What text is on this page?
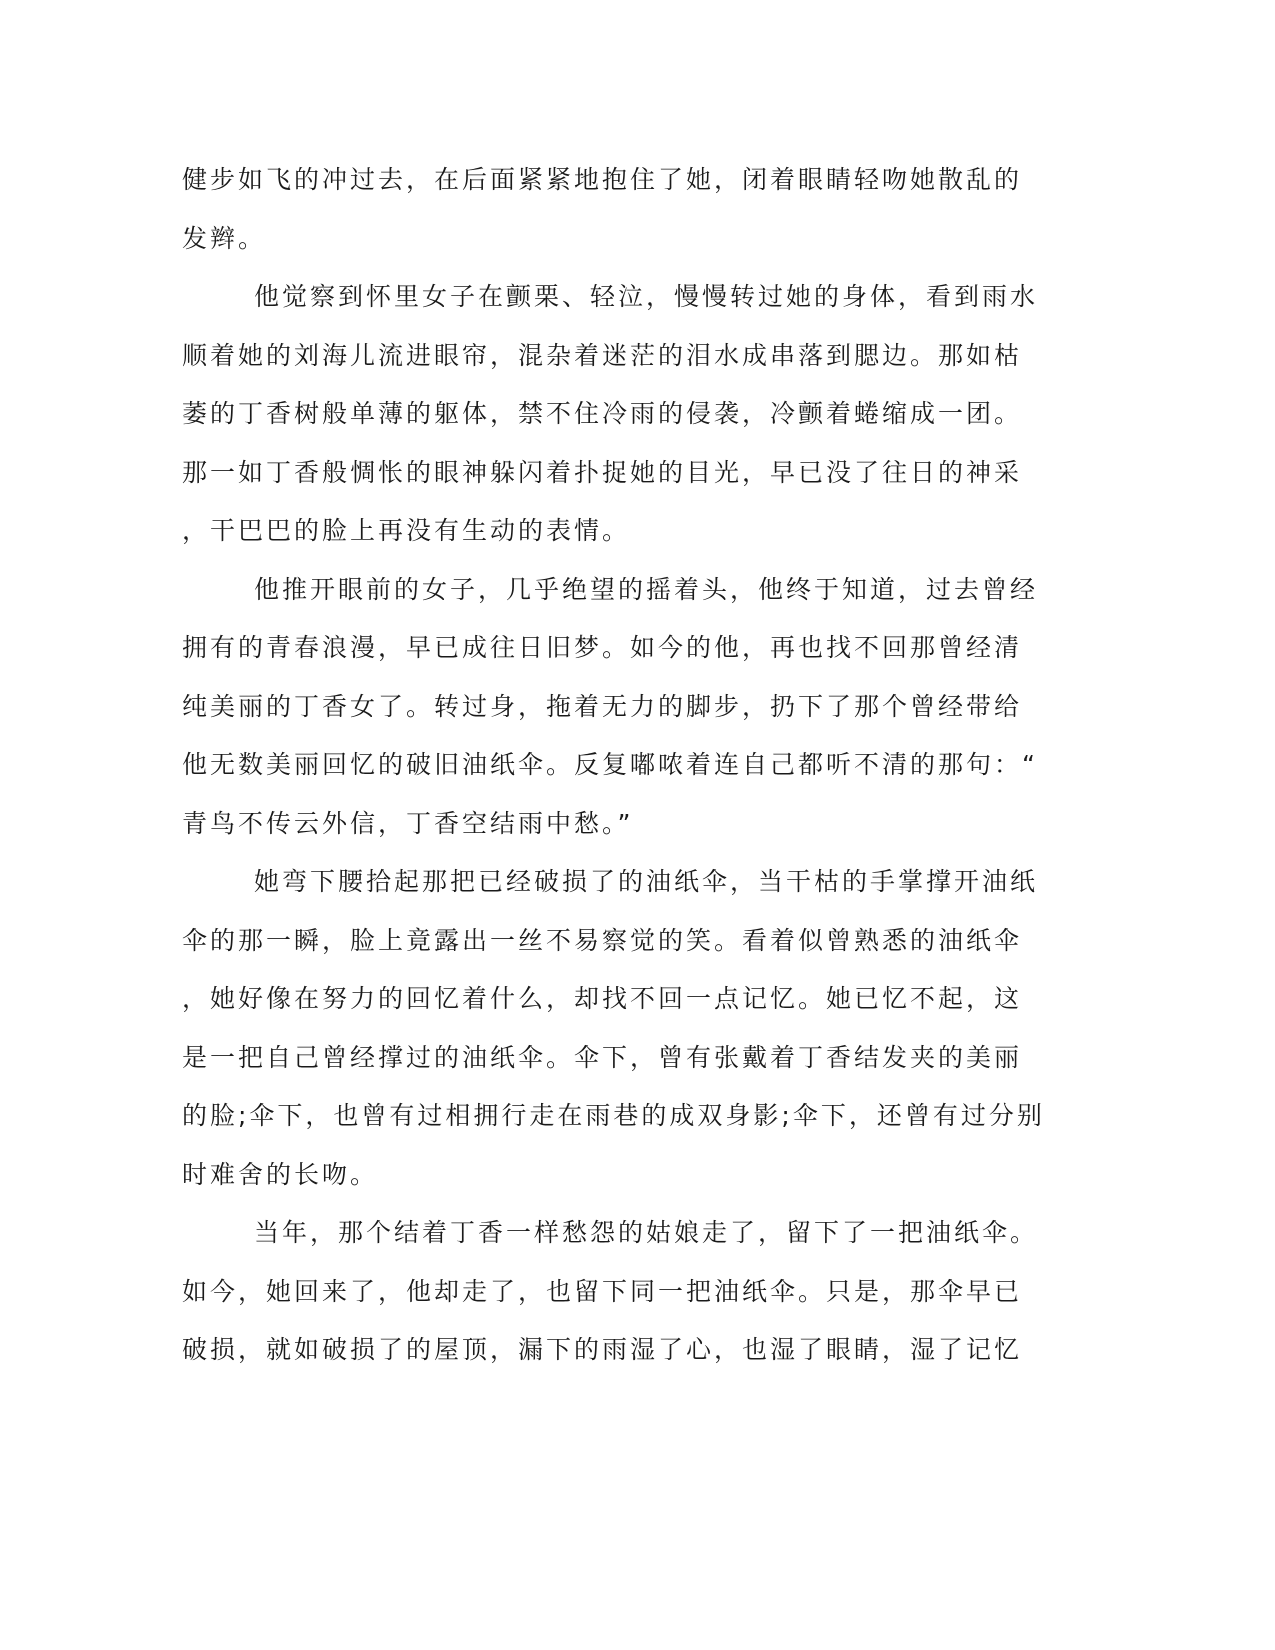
健步如飞的冲过去，在后面紧紧地抱住了她，闭着眼睛轻吻她散乱的
发辫。
他觉察到怀里女子在颤栗、轻泣，慢慢转过她的身体，看到雨水
顺着她的刘海儿流进眼帘，混杂着迷茫的泪水成串落到腮边。那如枯
萎的丁香树般单薄的躯体，禁不住冷雨的侵袭，冷颤着蜷缩成一团。
那一如丁香般惆怅的眼神躲闪着扑捉她的目光，早已没了往日的神采
，干巴巴的脸上再没有生动的表情。
他推开眼前的女子，几乎绝望的摇着头，他终于知道，过去曾经
拥有的青春浪漫，早已成往日旧梦。如今的他，再也找不回那曾经清
纯美丽的丁香女了。转过身，拖着无力的脚步，扔下了那个曾经带给
他无数美丽回忆的破旧油纸伞。反复嘟哝着连自己都听不清的那句：“
青鸟不传云外信，丁香空结雨中愁。”
她弯下腰拾起那把已经破损了的油纸伞，当干枯的手掌撑开油纸
伞的那一瞬，脸上竟露出一丝不易察觉的笑。看着似曾熟悉的油纸伞
，她好像在努力的回忆着什么，却找不回一点记忆。她已忆不起，这
是一把自己曾经撑过的油纸伞。伞下，曾有张戴着丁香结发夹的美丽
的脸;伞下，也曾有过相拥行走在雨巷的成双身影;伞下，还曾有过分别
时难舍的长吻。
当年，那个结着丁香一样愁怨的姑娘走了，留下了一把油纸伞。
如今，她回来了，他却走了，也留下同一把油纸伞。只是，那伞早已
破损，就如破损了的屋顶，漏下的雨湿了心，也湿了眼睛，湿了记忆
